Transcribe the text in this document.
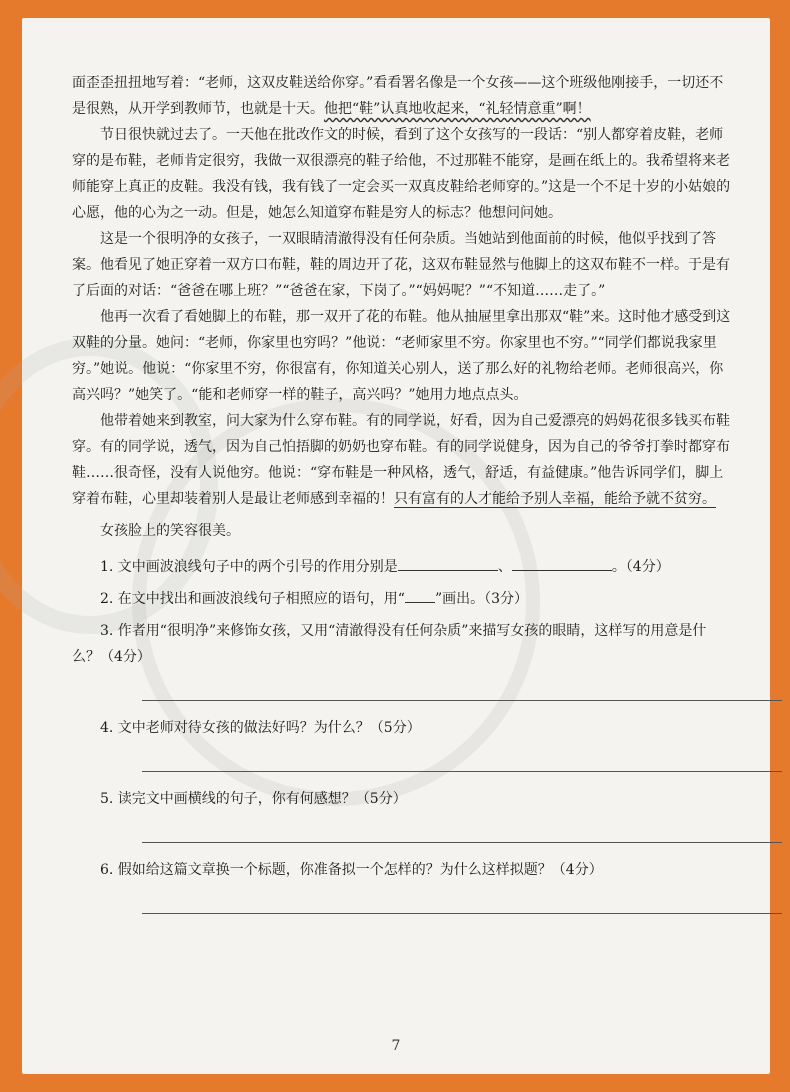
面歪歪扭扭地写着：“老师，这双皮鞋送给你穿。”看看署名像是一个女孩——这个班级他刚接手，一切还不是很熟，从开学到教师节，也就是十天。他把“鞋”认真地收起来，“礼轻情意重”啊！

节日很快就过去了。一天他在批改作文的时候，看到了这个女孩写的一段话：“别人都穿着皮鞋，老师穿的是布鞋，老师肯定很穷，我做一双很漂亮的鞋子给他，不过那鞋不能穿，是画在纸上的。我希望将来老师能穿上真正的皮鞋。我没有钱，我有钱了一定会买一双真皮鞋给老师穿的。”这是一个不足十岁的小姑娘的心愿，他的心为之一动。但是，她怎么知道穿布鞋是穷人的标志？他想问问她。

这是一个很明净的女孩子，一双眼睛清澈得没有任何杂质。当她站到他面前的时候，他似乎找到了答案。他看见了她正穿着一双方口布鞋，鞋的周边开了花，这双布鞋显然与他脚上的这双布鞋不一样。于是有了后面的对话：“爸爸在哪上班？”“爸爸在家，下岗了。”“妈妈呢？”“不知道……走了。”

他再一次看了看她脚上的布鞋，那一双开了花的布鞋。他从抽屉里拿出那双“鞋”来。这时他才感受到这双鞋的分量。她问：“老师，你家里也穷吗？”他说：“老师家里不穷。你家里也不穷。”“同学们都说我家里穷。”她说。他说：“你家里不穷，你很富有，你知道关心别人，送了那么好的礼物给老师。老师很高兴，你高兴吗？”她笑了。“能和老师穿一样的鞋子，高兴吗？”她用力地点点头。

他带着她来到教室，问大家为什么穿布鞋。有的同学说，好看，因为自己爱漂亮的妈妈花很多钱买布鞋穿。有的同学说，透气，因为自己怕捂脚的奶奶也穿布鞋。有的同学说健身，因为自己的爷爷打拳时都穿布鞋……很奇怪，没有人说他穷。他说：“穿布鞋是一种风格，透气，舒适，有益健康。”他告诉同学们，脚上穿着布鞋，心里却装着别人是最让老师感到幸福的！只有富有的人才能给予别人幸福，能给予就不贫穷。

女孩脸上的笑容很美。

1. 文中画波浪线句子中的两个引号的作用分别是	、	。（4分）

2. 在文中找出和画波浪线句子相照应的语句，用“ ”画出。（3分）

3. 作者用“很明净”来修饰女孩，又用“清澈得没有任何杂质”来描写女孩的眼睛，这样写的用意是什么？（4分）

4. 文中老师对待女孩的做法好吗？为什么？（5分）

5. 读完文中画横线的句子，你有何感想？（5分）

6. 假如给这篇文章换一个标题，你准备拟一个怎样的？为什么这样拟题？（4分）

7
